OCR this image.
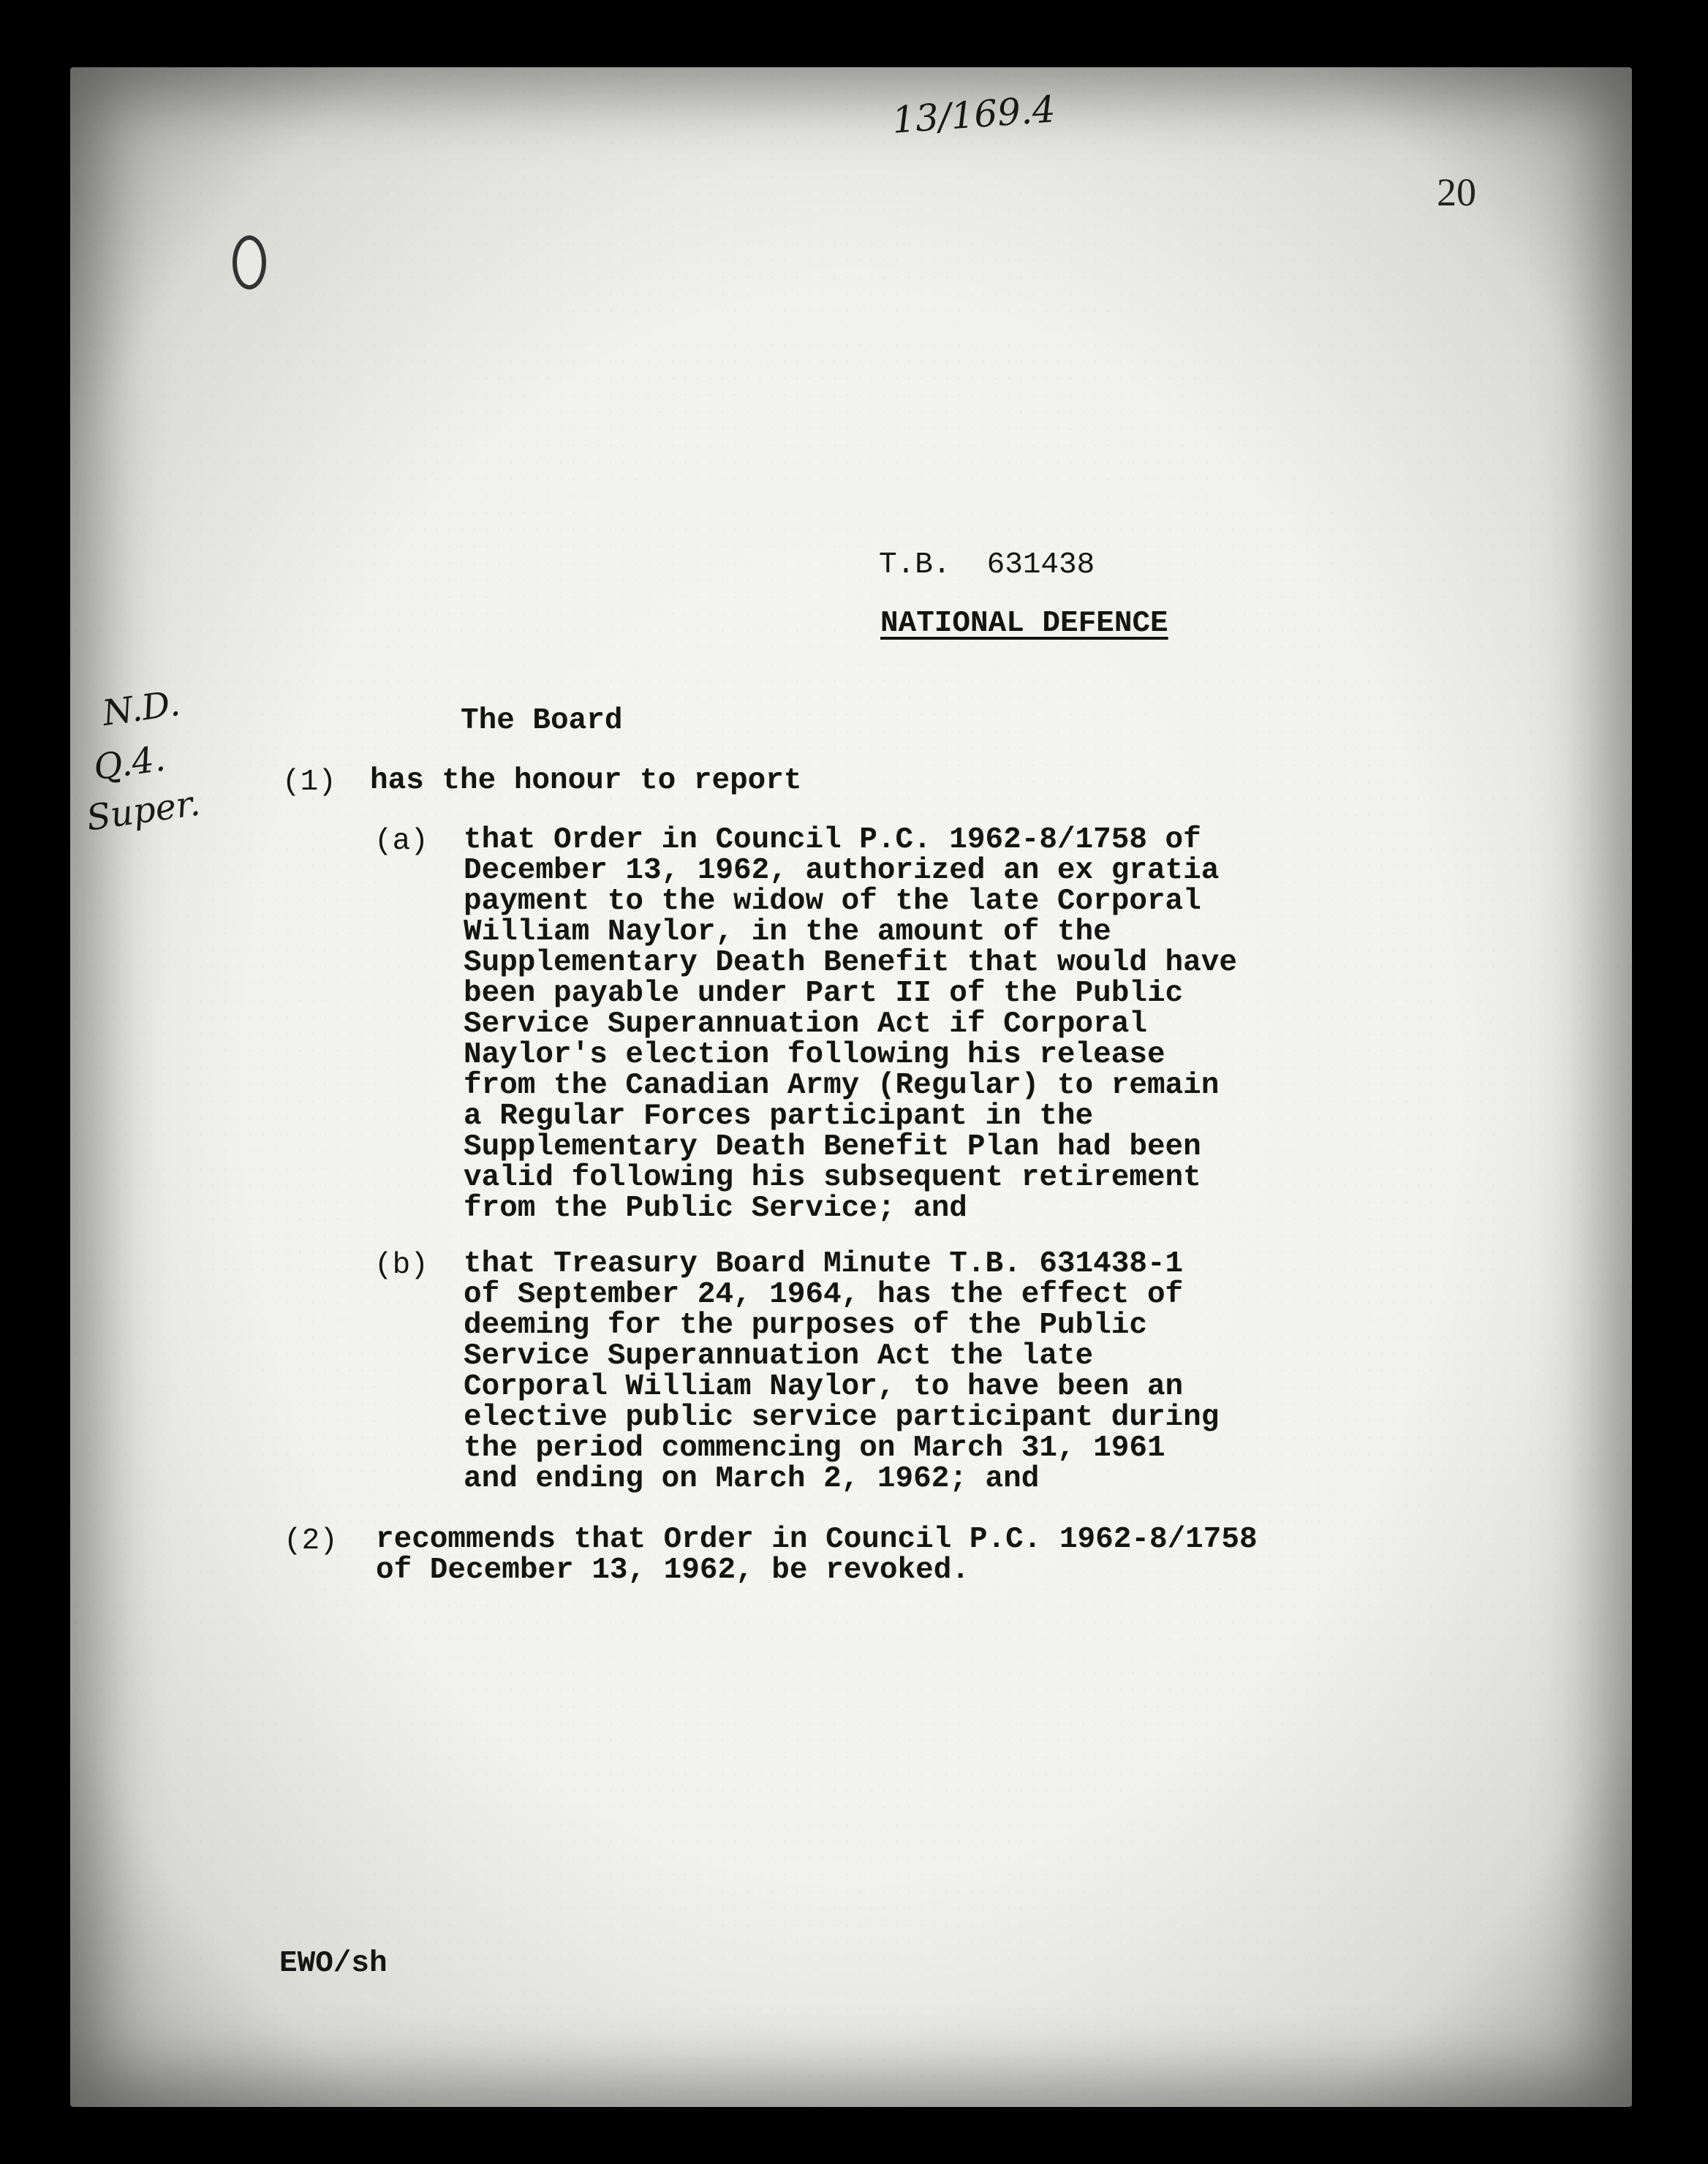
13/169.4
20
N.D.
Q.4.
Super.
T.B.  631438
NATIONAL DEFENCE
The Board
(1) has the honour to report
(a) that Order in Council P.C. 1962-8/1758 of
December 13, 1962, authorized an ex gratia
payment to the widow of the late Corporal
William Naylor, in the amount of the
Supplementary Death Benefit that would have
been payable under Part II of the Public
Service Superannuation Act if Corporal
Naylor's election following his release
from the Canadian Army (Regular) to remain
a Regular Forces participant in the
Supplementary Death Benefit Plan had been
valid following his subsequent retirement
from the Public Service; and
(b) that Treasury Board Minute T.B. 631438-1
of September 24, 1964, has the effect of
deeming for the purposes of the Public
Service Superannuation Act the late
Corporal William Naylor, to have been an
elective public service participant during
the period commencing on March 31, 1961
and ending on March 2, 1962; and
(2) recommends that Order in Council P.C. 1962-8/1758
of December 13, 1962, be revoked.
EWO/sh
